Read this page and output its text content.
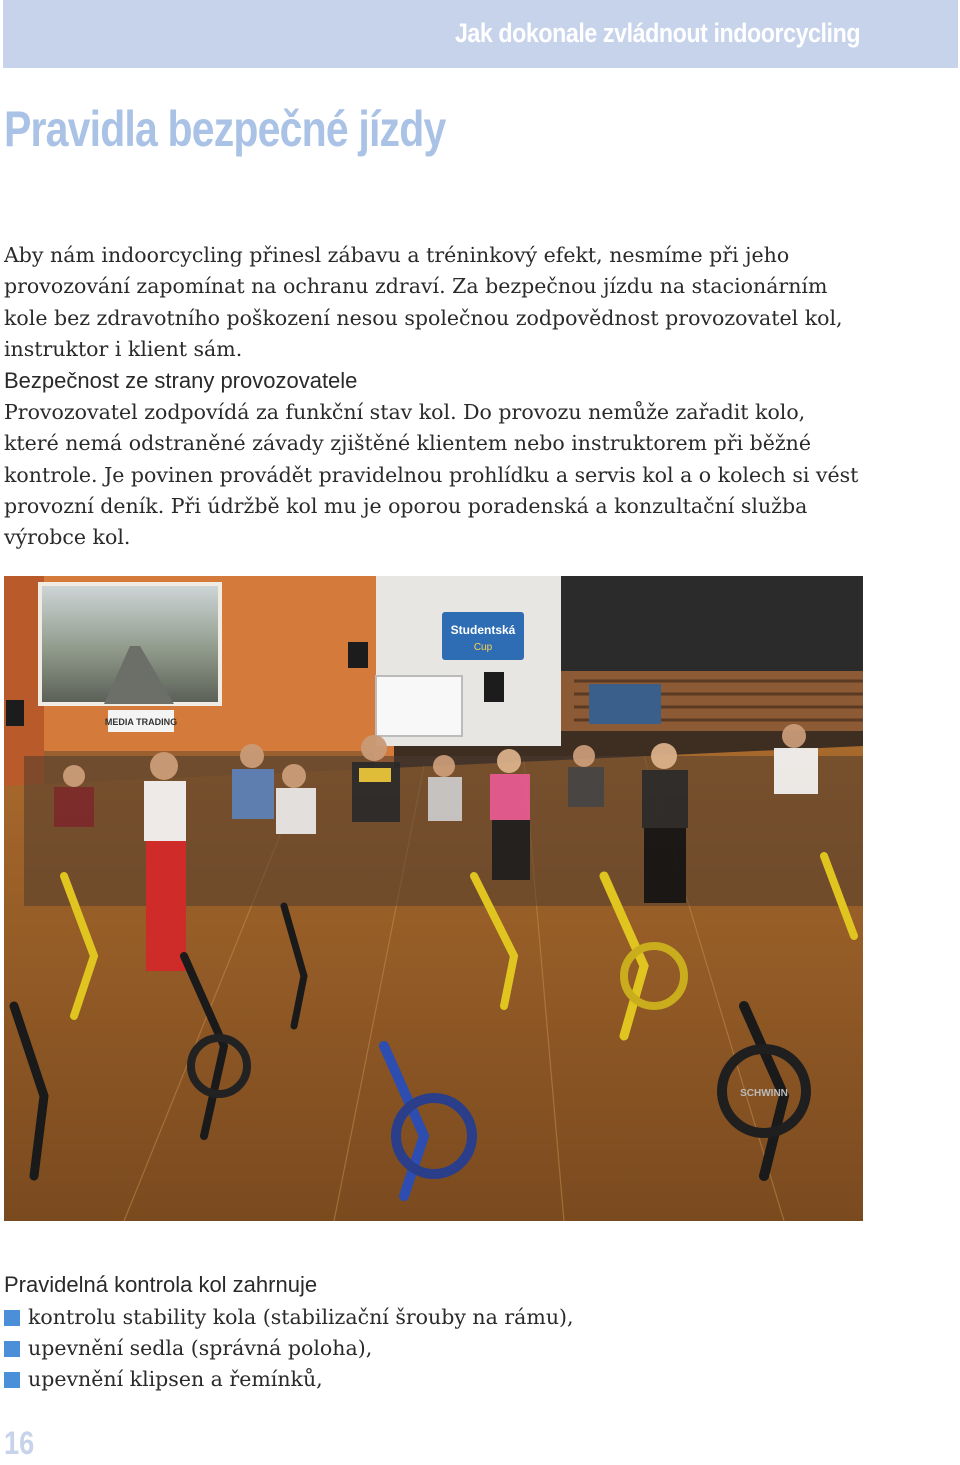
Jak dokonale zvládnout indoorcycling
Pravidla bezpečné jízdy

Aby nám indoorcycling přinesl zábavu a tréninkový efekt, nesmíme při jeho provozování zapomínat na ochranu zdraví. Za bezpečnou jízdu na stacionárním kole bez zdravotního poškození nesou společnou zodpovědnost provozovatel kol, instruktor i klient sám.

Bezpečnost ze strany provozovatele

Provozovatel zodpovídá za funkční stav kol. Do provozu nemůže zařadit kolo, které nemá odstraněné závady zjištěné klientem nebo instruktorem při běžné kontrole. Je povinen provádět pravidelnou prohlídku a servis kol a o kolech si vést provozní deník. Při údržbě kol mu je oporou poradenská a konzultační služba výrobce kol.

MEDIA TRADING
Studentská
Cup
SCHWINN
Pravidelná kontrola kol zahrnuje
kontrolu stability kola (stabilizační šrouby na rámu),
upevnění sedla (správná poloha),
upevnění klipsen a řemínků,
16
